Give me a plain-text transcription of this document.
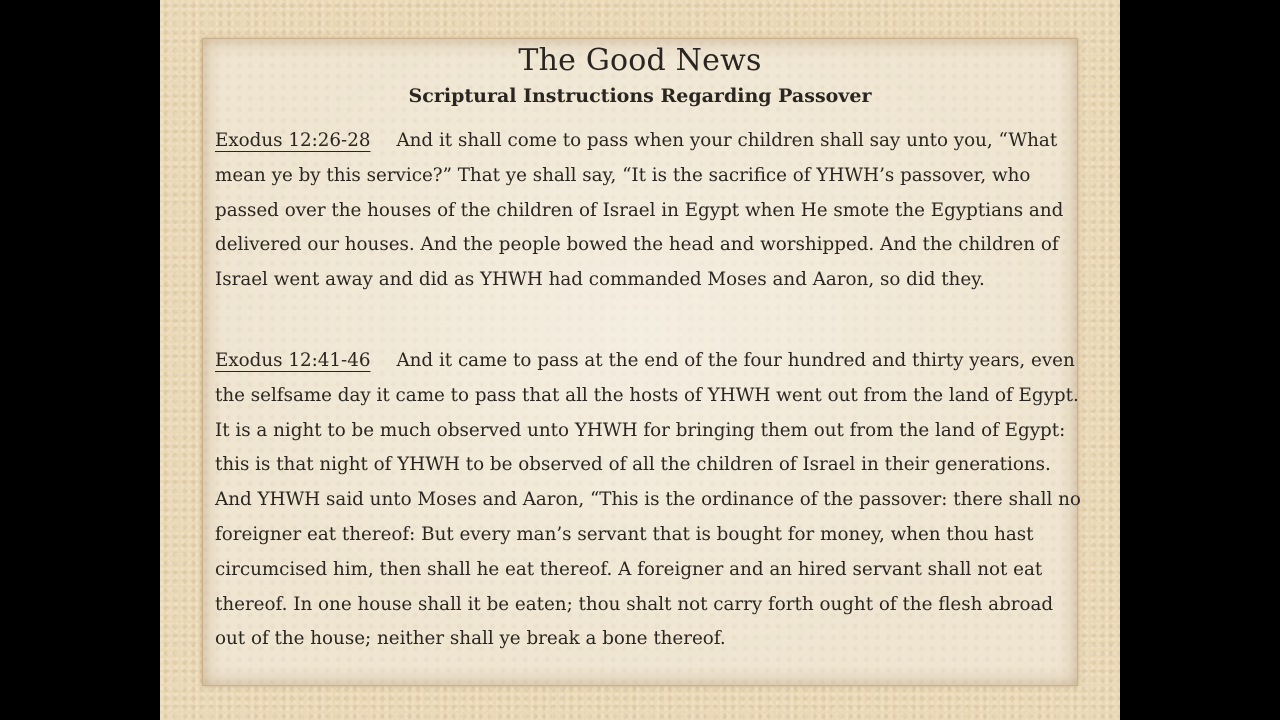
The Good News
Scriptural Instructions Regarding Passover

Exodus 12:26-28 And it shall come to pass when your children shall say unto you, “What mean ye by this service?” That ye shall say, “It is the sacrifice of YHWH’s passover, who passed over the houses of the children of Israel in Egypt when He smote the Egyptians and delivered our houses. And the people bowed the head and worshipped. And the children of Israel went away and did as YHWH had commanded Moses and Aaron, so did they.

Exodus 12:41-46 And it came to pass at the end of the four hundred and thirty years, even the selfsame day it came to pass that all the hosts of YHWH went out from the land of Egypt. It is a night to be much observed unto YHWH for bringing them out from the land of Egypt: this is that night of YHWH to be observed of all the children of Israel in their generations. And YHWH said unto Moses and Aaron, “This is the ordinance of the passover: there shall no foreigner eat thereof: But every man’s servant that is bought for money, when thou hast circumcised him, then shall he eat thereof. A foreigner and an hired servant shall not eat thereof. In one house shall it be eaten; thou shalt not carry forth ought of the flesh abroad out of the house; neither shall ye break a bone thereof.
